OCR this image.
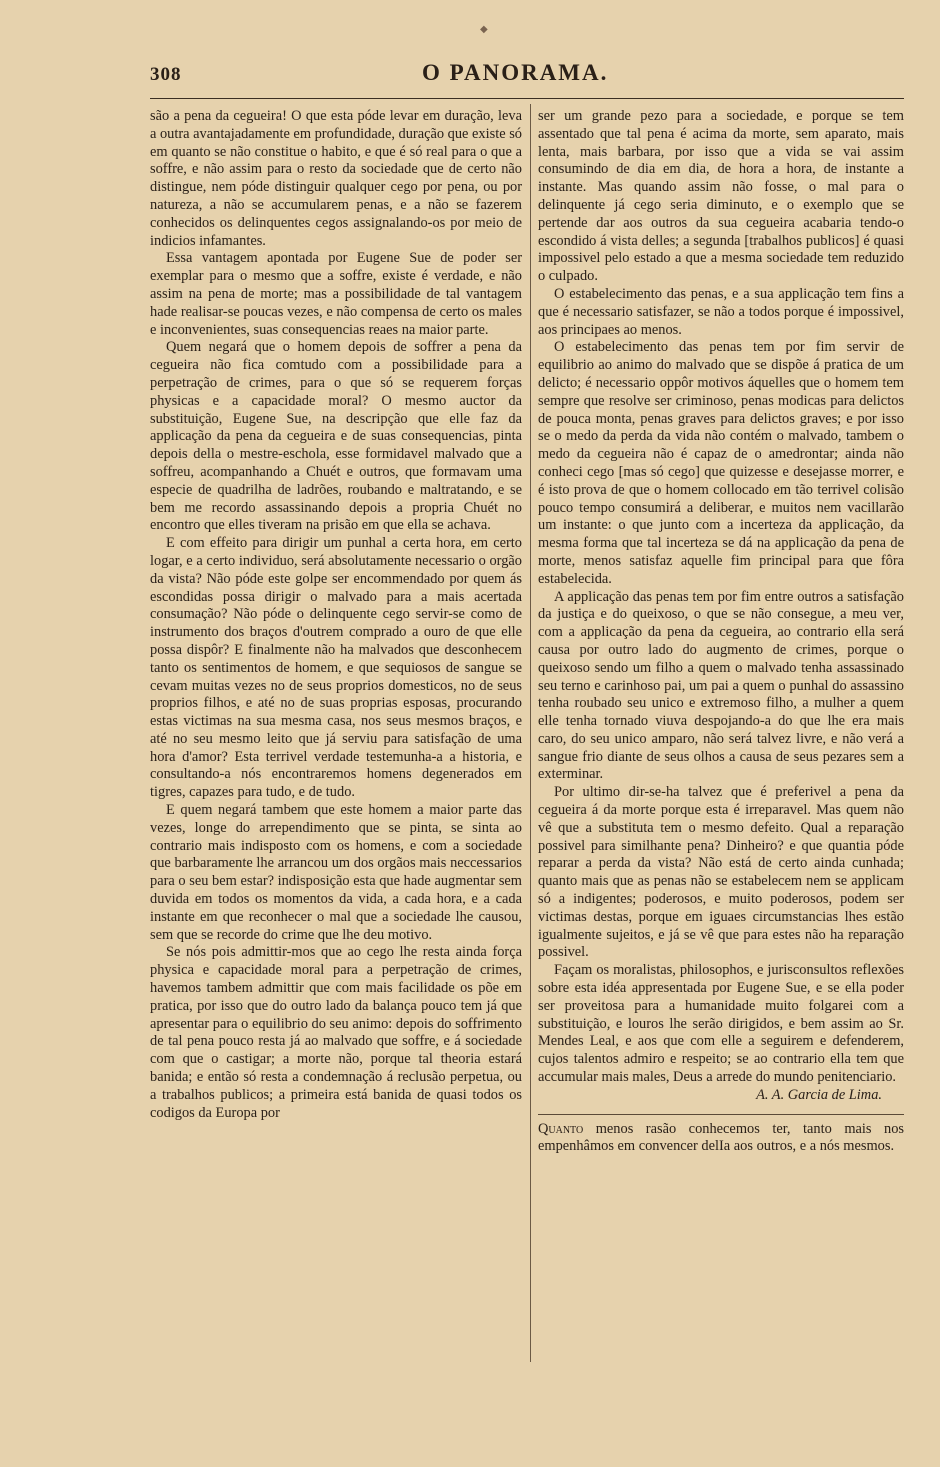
◆
308	O PANORAMA.

são a pena da cegueira! O que esta póde levar em duração, leva a outra avantajadamente em profundidade, duração que existe só em quanto se não constitue o habito, e que é só real para o que a soffre, e não assim para o resto da sociedade que de certo não distingue, nem póde distinguir qualquer cego por pena, ou por natureza, a não se accumularem penas, e a não se fazerem conhecidos os delinquentes cegos assignalando-os por meio de indicios infamantes.

Essa vantagem apontada por Eugene Sue de poder ser exemplar para o mesmo que a soffre, existe é verdade, e não assim na pena de morte; mas a possibilidade de tal vantagem hade realisar-se poucas vezes, e não compensa de certo os males e inconvenientes, suas consequencias reaes na maior parte.

Quem negará que o homem depois de soffrer a pena da cegueira não fica comtudo com a possibilidade para a perpetração de crimes, para o que só se requerem forças physicas e a capacidade moral? O mesmo auctor da substituição, Eugene Sue, na descripção que elle faz da applicação da pena da cegueira e de suas consequencias, pinta depois della o mestre-eschola, esse formidavel malvado que a soffreu, acompanhando a Chuét e outros, que formavam uma especie de quadrilha de ladrões, roubando e maltratando, e se bem me recordo assassinando depois a propria Chuét no encontro que elles tiveram na prisão em que ella se achava.

E com effeito para dirigir um punhal a certa hora, em certo logar, e a certo individuo, será absolutamente necessario o orgão da vista? Não póde este golpe ser encommendado por quem ás escondidas possa dirigir o malvado para a mais acertada consumação? Não póde o delinquente cego servir-se como de instrumento dos braços d'outrem comprado a ouro de que elle possa dispôr? E finalmente não ha malvados que desconhecem tanto os sentimentos de homem, e que sequiosos de sangue se cevam muitas vezes no de seus proprios domesticos, no de seus proprios filhos, e até no de suas proprias esposas, procurando estas victimas na sua mesma casa, nos seus mesmos braços, e até no seu mesmo leito que já serviu para satisfação de uma hora d'amor? Esta terrivel verdade testemunha-a a historia, e consultando-a nós encontraremos homens degenerados em tigres, capazes para tudo, e de tudo.

E quem negará tambem que este homem a maior parte das vezes, longe do arrependimento que se pinta, se sinta ao contrario mais indisposto com os homens, e com a sociedade que barbaramente lhe arrancou um dos orgãos mais neccessarios para o seu bem estar? indisposição esta que hade augmentar sem duvida em todos os momentos da vida, a cada hora, e a cada instante em que reconhecer o mal que a sociedade lhe causou, sem que se recorde do crime que lhe deu motivo.

Se nós pois admittir-mos que ao cego lhe resta ainda força physica e capacidade moral para a perpetração de crimes, havemos tambem admittir que com mais facilidade os põe em pratica, por isso que do outro lado da balança pouco tem já que apresentar para o equilibrio do seu animo: depois do soffrimento de tal pena pouco resta já ao malvado que soffre, e á sociedade com que o castigar; a morte não, porque tal theoria estará banida; e então só resta a condemnação á reclusão perpetua, ou a trabalhos publicos; a primeira está banida de quasi todos os codigos da Europa por

ser um grande pezo para a sociedade, e porque se tem assentado que tal pena é acima da morte, sem aparato, mais lenta, mais barbara, por isso que a vida se vai assim consumindo de dia em dia, de hora a hora, de instante a instante. Mas quando assim não fosse, o mal para o delinquente já cego seria diminuto, e o exemplo que se pertende dar aos outros da sua cegueira acabaria tendo-o escondido á vista delles; a segunda [trabalhos publicos] é quasi impossivel pelo estado a que a mesma sociedade tem reduzido o culpado.

O estabelecimento das penas, e a sua applicação tem fins a que é necessario satisfazer, se não a todos porque é impossivel, aos principaes ao menos.

O estabelecimento das penas tem por fim servir de equilibrio ao animo do malvado que se dispõe á pratica de um delicto; é necessario oppôr motivos áquelles que o homem tem sempre que resolve ser criminoso, penas modicas para delictos de pouca monta, penas graves para delictos graves; e por isso se o medo da perda da vida não contém o malvado, tambem o medo da cegueira não é capaz de o amedrontar; ainda não conheci cego [mas só cego] que quizesse e desejasse morrer, e é isto prova de que o homem collocado em tão terrivel colisão pouco tempo consumirá a deliberar, e muitos nem vacillarão um instante: o que junto com a incerteza da applicação, da mesma forma que tal incerteza se dá na applicação da pena de morte, menos satisfaz aquelle fim principal para que fôra estabelecida.

A applicação das penas tem por fim entre outros a satisfação da justiça e do queixoso, o que se não consegue, a meu ver, com a applicação da pena da cegueira, ao contrario ella será causa por outro lado do augmento de crimes, porque o queixoso sendo um filho a quem o malvado tenha assassinado seu terno e carinhoso pai, um pai a quem o punhal do assassino tenha roubado seu unico e extremoso filho, a mulher a quem elle tenha tornado viuva despojando-a do que lhe era mais caro, do seu unico amparo, não será talvez livre, e não verá a sangue frio diante de seus olhos a causa de seus pezares sem a exterminar.

Por ultimo dir-se-ha talvez que é preferivel a pena da cegueira á da morte porque esta é irreparavel. Mas quem não vê que a substituta tem o mesmo defeito. Qual a reparação possivel para similhante pena? Dinheiro? e que quantia póde reparar a perda da vista? Não está de certo ainda cunhada; quanto mais que as penas não se estabelecem nem se applicam só a indigentes; poderosos, e muito poderosos, podem ser victimas destas, porque em iguaes circumstancias lhes estão igualmente sujeitos, e já se vê que para estes não ha reparação possivel.

Façam os moralistas, philosophos, e jurisconsultos reflexões sobre esta idéa appresentada por Eugene Sue, e se ella poder ser proveitosa para a humanidade muito folgarei com a substituição, e louros lhe serão dirigidos, e bem assim ao Sr. Mendes Leal, e aos que com elle a seguirem e defenderem, cujos talentos admiro e respeito; se ao contrario ella tem que accumular mais males, Deus a arrede do mundo penitenciario.

A. A. Garcia de Lima.

Quanto menos rasão conhecemos ter, tanto mais nos empenhâmos em convencer delIa aos outros, e a nós mesmos.
